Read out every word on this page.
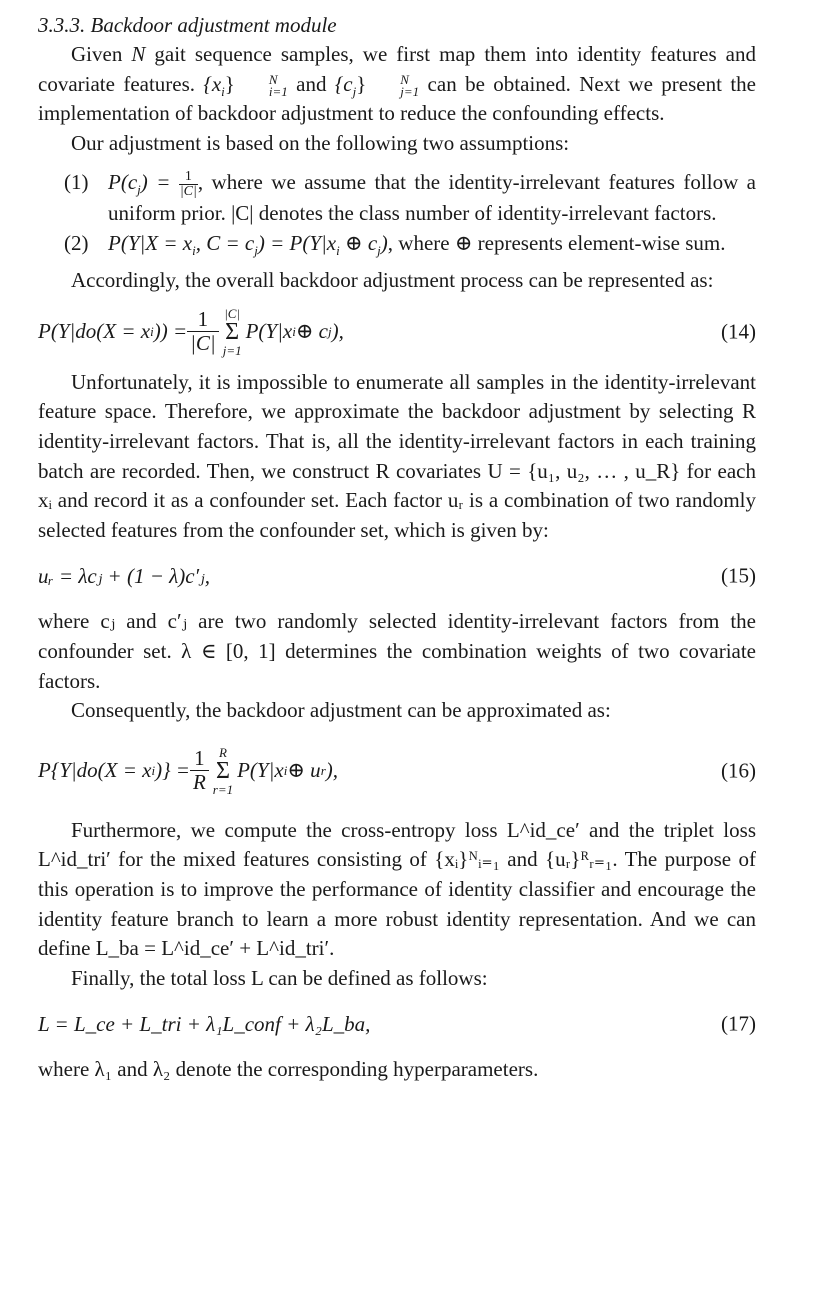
3.3.3. Backdoor adjustment module

Given N gait sequence samples, we first map them into identity features and covariate features. $\{x_i\}$	N
i=1 and $\{c_j\}$	N
j=1 can be obtained. Next we present the implementation of backdoor adjustment to reduce the confounding effects.

Our adjustment is based on the following two assumptions:

(1) $P(c_j) = \frac{1}{|C|}$ , where we assume that the identity-irrelevant features follow a uniform prior. |C| denotes the class number of identity-irrelevant factors.
(2) $P(Y|X = x_i$, $C = c_j) = P(Y|x_i$ ⊕ $c_j$), where ⊕ represents element-wise sum.

Accordingly, the overall backdoor adjustment process can be represented as:

P(Y|do(X = x i )) = $\frac{1}{|C|} |C|$
Σ
j=1
P(Y|x i ⊕ c j ),	(14)

Unfortunately, it is impossible to enumerate all samples in the identity-irrelevant feature space. Therefore, we approximate the backdoor adjustment by selecting R identity-irrelevant factors. That is, all the identity-irrelevant factors in each training batch are recorded. Then, we construct R covariates U = {u₁, u₂, … , u_R} for each xᵢ and record it as a confounder set. Each factor uᵣ is a combination of two randomly selected features from the confounder set, which is given by:

uᵣ = λcⱼ + (1 − λ)c′ⱼ,	(15)

where cⱼ and c′ⱼ are two randomly selected identity-irrelevant factors from the confounder set. λ ∈ [0, 1] determines the combination weights of two covariate factors.

Consequently, the backdoor adjustment can be approximated as:

P{Y|do(X = x i )} = $\frac{1}{R}$ R
Σ
r=1
P(Y|x i ⊕ u r ),	(16)

Furthermore, we compute the cross-entropy loss L^id_ce′ and the triplet loss L^id_tri′ for the mixed features consisting of {xᵢ}ᴺᵢ₌₁ and {uᵣ}ᴿᵣ₌₁. The purpose of this operation is to improve the performance of identity classifier and encourage the identity feature branch to learn a more robust identity representation. And we can define L_ba = L^id_ce′ + L^id_tri′.

Finally, the total loss L can be defined as follows:

L = L_ce + L_tri + λ₁L_conf + λ₂L_ba,	(17)

where λ₁ and λ₂ denote the corresponding hyperparameters.
